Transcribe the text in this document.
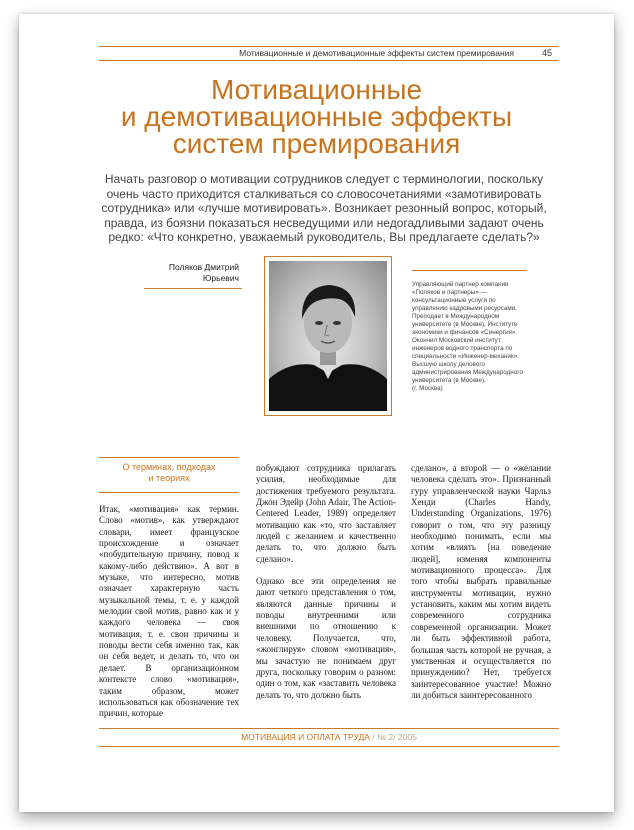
Мотивационные и демотивационные эффекты систем премирования	45
Мотивационные
и демотивационные эффекты
систем премирования
Начать разговор о мотивации сотрудников следует с терминологии, поскольку очень часто приходится сталкиваться со словосочетаниями «замотивировать сотрудника» или «лучше мотивировать». Возникает резонный вопрос, который, правда, из боязни показаться несведущими или недогадливыми задают очень редко: «Что конкретно, уважаемый руководитель, Вы предлагаете сделать?»
Поляков Дмитрий
Юрьевич
Управляющий партнер компании «Поляков и партнеры» — консультационные услуги по управлению кадровыми ресурсами. Преподает в Международном университете (в Москве), Институте экономики и финансов «Синергия». Окончил Московский институт инженеров водного транспорта по специальности «Инженер-механик». Высшую школу делового администрирования Международного университета (в Москве).
(г. Москва)
О терминах, подходах
и теориях

Итак, «мотивация» как термин. Слово «мотив», как утверждают словари, имеет французское происхождение и означает «побудительную причину, повод к какому-либо действию». А вот в музыке, что интересно, мотив означает характерную часть музыкальной темы, т. е. у каждой мелодии свой мотив, равно как и у каждого человека — своя мотивация, т. е. свои причины и поводы вести себя именно так, как он себя ведет, и делать то, что он делает. В организационном контексте слово «мотивация», таким образом, может использоваться как обозначение тех причин, которые

побуждают сотрудника прилагать усилия, необходимые для достижения требуемого результата. Джон Эдейр (John Adair, The Action-Centered Leader, 1989) определяет мотивацию как «то, что заставляет людей с желанием и качественно делать то, что должно быть сделано».

Однако все эти определения не дают четкого представления о том, являются данные причины и поводы внутренними или внешними по отношению к человеку. Получается, что, «жонглируя» словом «мотивация», мы зачастую не понимаем друг друга, поскольку говорим о разном: один о том, как «заставить человека делать то, что должно быть

сделано», а второй — о «желании человека сделать это». Признанный гуру управленческой науки Чарльз Хенди (Charles Handy, Understanding Organizations, 1976) говорит о том, что эту разницу необходимо понимать, если мы хотим «влиять [на поведение людей], изменяя компоненты мотивационного процесса». Для того чтобы выбрать правильные инструменты мотивации, нужно установить, каким мы хотим видеть современного сотрудника современной организации. Может ли быть эффективной работа, большая часть которой не ручная, а умственная и осуществляется по принуждению? Нет, требуется заинтересованное участие! Можно ли добиться заинтересованного

МОТИВАЦИЯ И ОПЛАТА ТРУДА / № 2/ 2005
